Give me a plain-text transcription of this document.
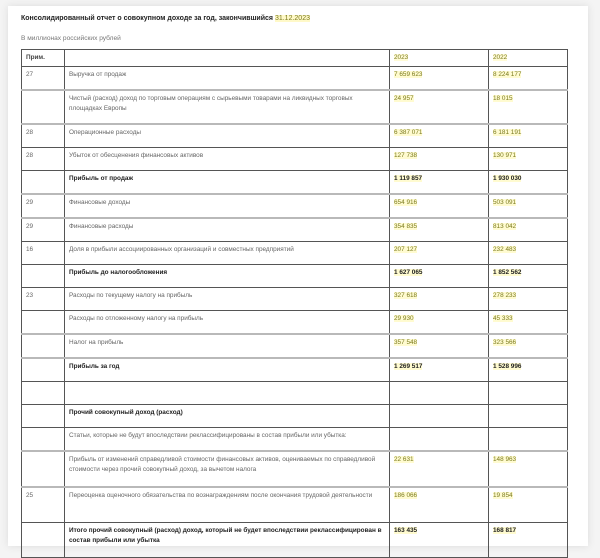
Консолидированный отчет о совокупном доходе за год, закончившийся 31.12.2023
В миллионах российских рублей
Прим.		2023	2022
27	Выручка от продаж	7 659 623	8 224 177
	Чистый (расход) доход по торговым операциям с сырьевыми товарами на ликвидных торговых площадках Европы	24 957	18 015
28	Операционные расходы	6 387 071	6 181 191
28	Убыток от обесценения финансовых активов	127 738	130 971
	Прибыль от продаж	1 119 857	1 930 030
29	Финансовые доходы	654 916	503 091
29	Финансовые расходы	354 835	813 042
16	Доля в прибыли ассоциированных организаций и совместных предприятий	207 127	232 483
	Прибыль до налогообложения	1 627 065	1 852 562
23	Расходы по текущему налогу на прибыль	327 618	278 233
	Расходы по отложенному налогу на прибыль	29 930	45 333
	Налог на прибыль	357 548	323 566
	Прибыль за год	1 269 517	1 528 996

	Прочий совокупный доход (расход)		
	Статьи, которые не будут впоследствии реклассифицированы в состав прибыли или убытка:		
	Прибыль от изменений справедливой стоимости финансовых активов, оцениваемых по справедливой стоимости через прочий совокупный доход, за вычетом налога	22 631	148 963
25	Переоценка оценочного обязательства по вознаграждениям после окончания трудовой деятельности	186 066	19 854
	Итого прочий совокупный (расход) доход, который не будет впоследствии реклассифицирован в состав прибыли или убытка	163 435	168 817
